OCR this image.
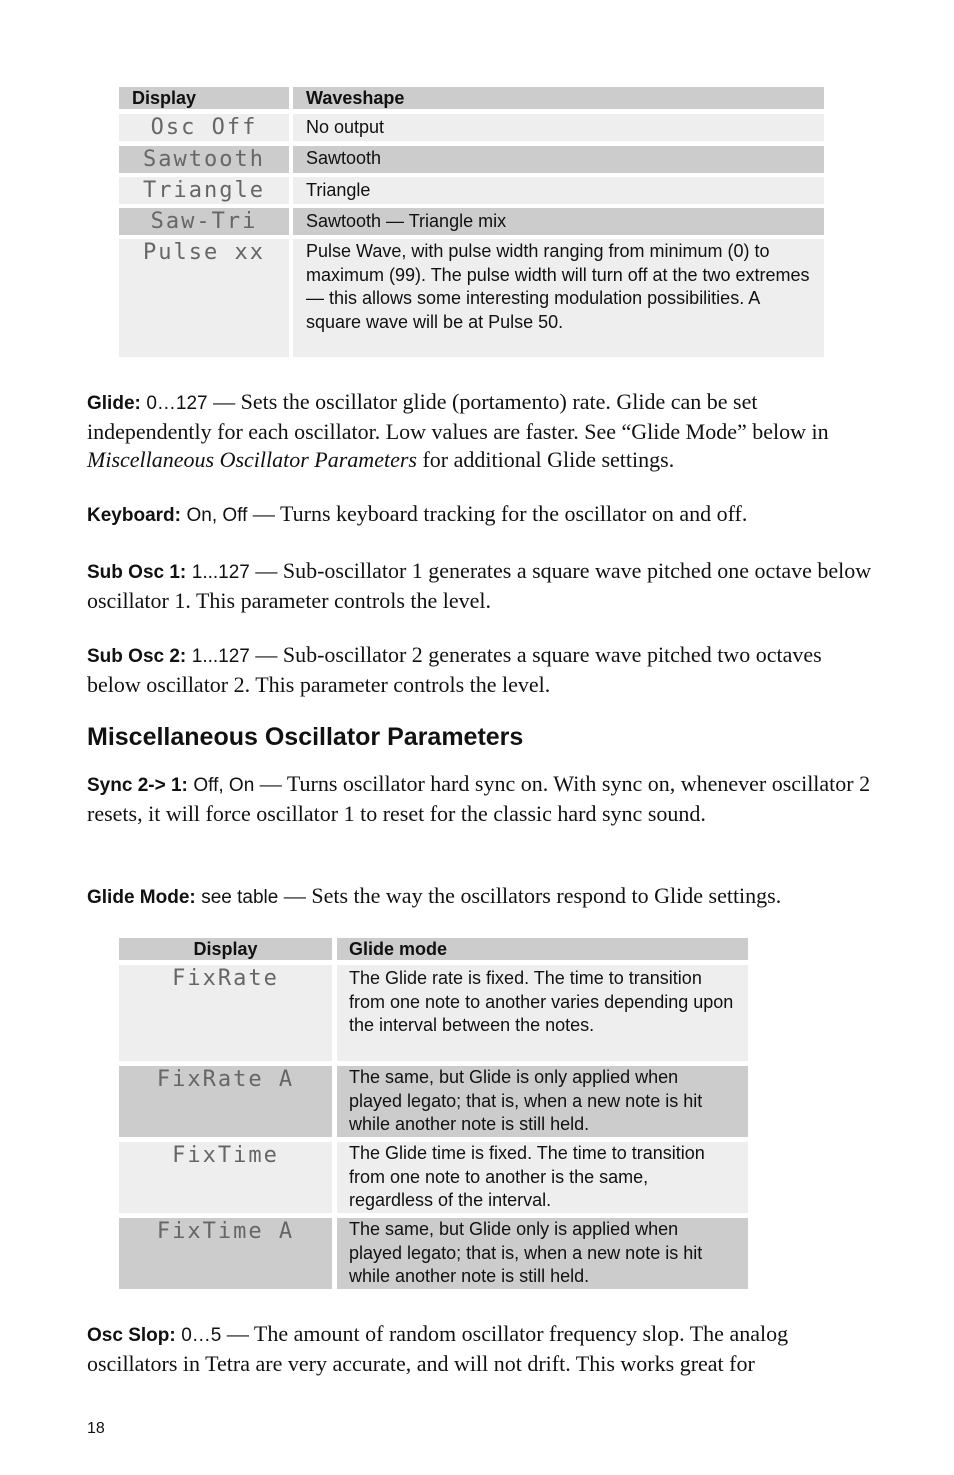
Display	Waveshape
Osc Off	No output
Sawtooth	Sawtooth
Triangle	Triangle
Saw-Tri	Sawtooth — Triangle mix
Pulse xx	Pulse Wave, with pulse width ranging from minimum (0) to maximum (99). The pulse width will turn off at the two extremes — this allows some interesting modulation possibilities. A square wave will be at Pulse 50.

Glide: 0…127 — Sets the oscillator glide (portamento) rate. Glide can be set independently for each oscillator. Low values are faster. See “Glide Mode” below in Miscellaneous Oscillator Parameters for additional Glide settings.

Keyboard: On, Off — Turns keyboard tracking for the oscillator on and off.

Sub Osc 1: 1...127 — Sub-oscillator 1 generates a square wave pitched one octave below oscillator 1. This parameter controls the level.

Sub Osc 2: 1...127 — Sub-oscillator 2 generates a square wave pitched two octaves below oscillator 2. This parameter controls the level.

Miscellaneous Oscillator Parameters

Sync 2-> 1: Off, On — Turns oscillator hard sync on. With sync on, whenever oscillator 2 resets, it will force oscillator 1 to reset for the classic hard sync sound.

Glide Mode: see table — Sets the way the oscillators respond to Glide settings.

Display	Glide mode
FixRate	The Glide rate is fixed. The time to transition from one note to another varies depending upon the interval between the notes.
FixRate A	The same, but Glide is only applied when played legato; that is, when a new note is hit while another note is still held.
FixTime	The Glide time is fixed. The time to transition from one note to another is the same, regardless of the interval.
FixTime A	The same, but Glide only is applied when played legato; that is, when a new note is hit while another note is still held.

Osc Slop: 0…5 — The amount of random oscillator frequency slop. The analog oscillators in Tetra are very accurate, and will not drift. This works great for

18
